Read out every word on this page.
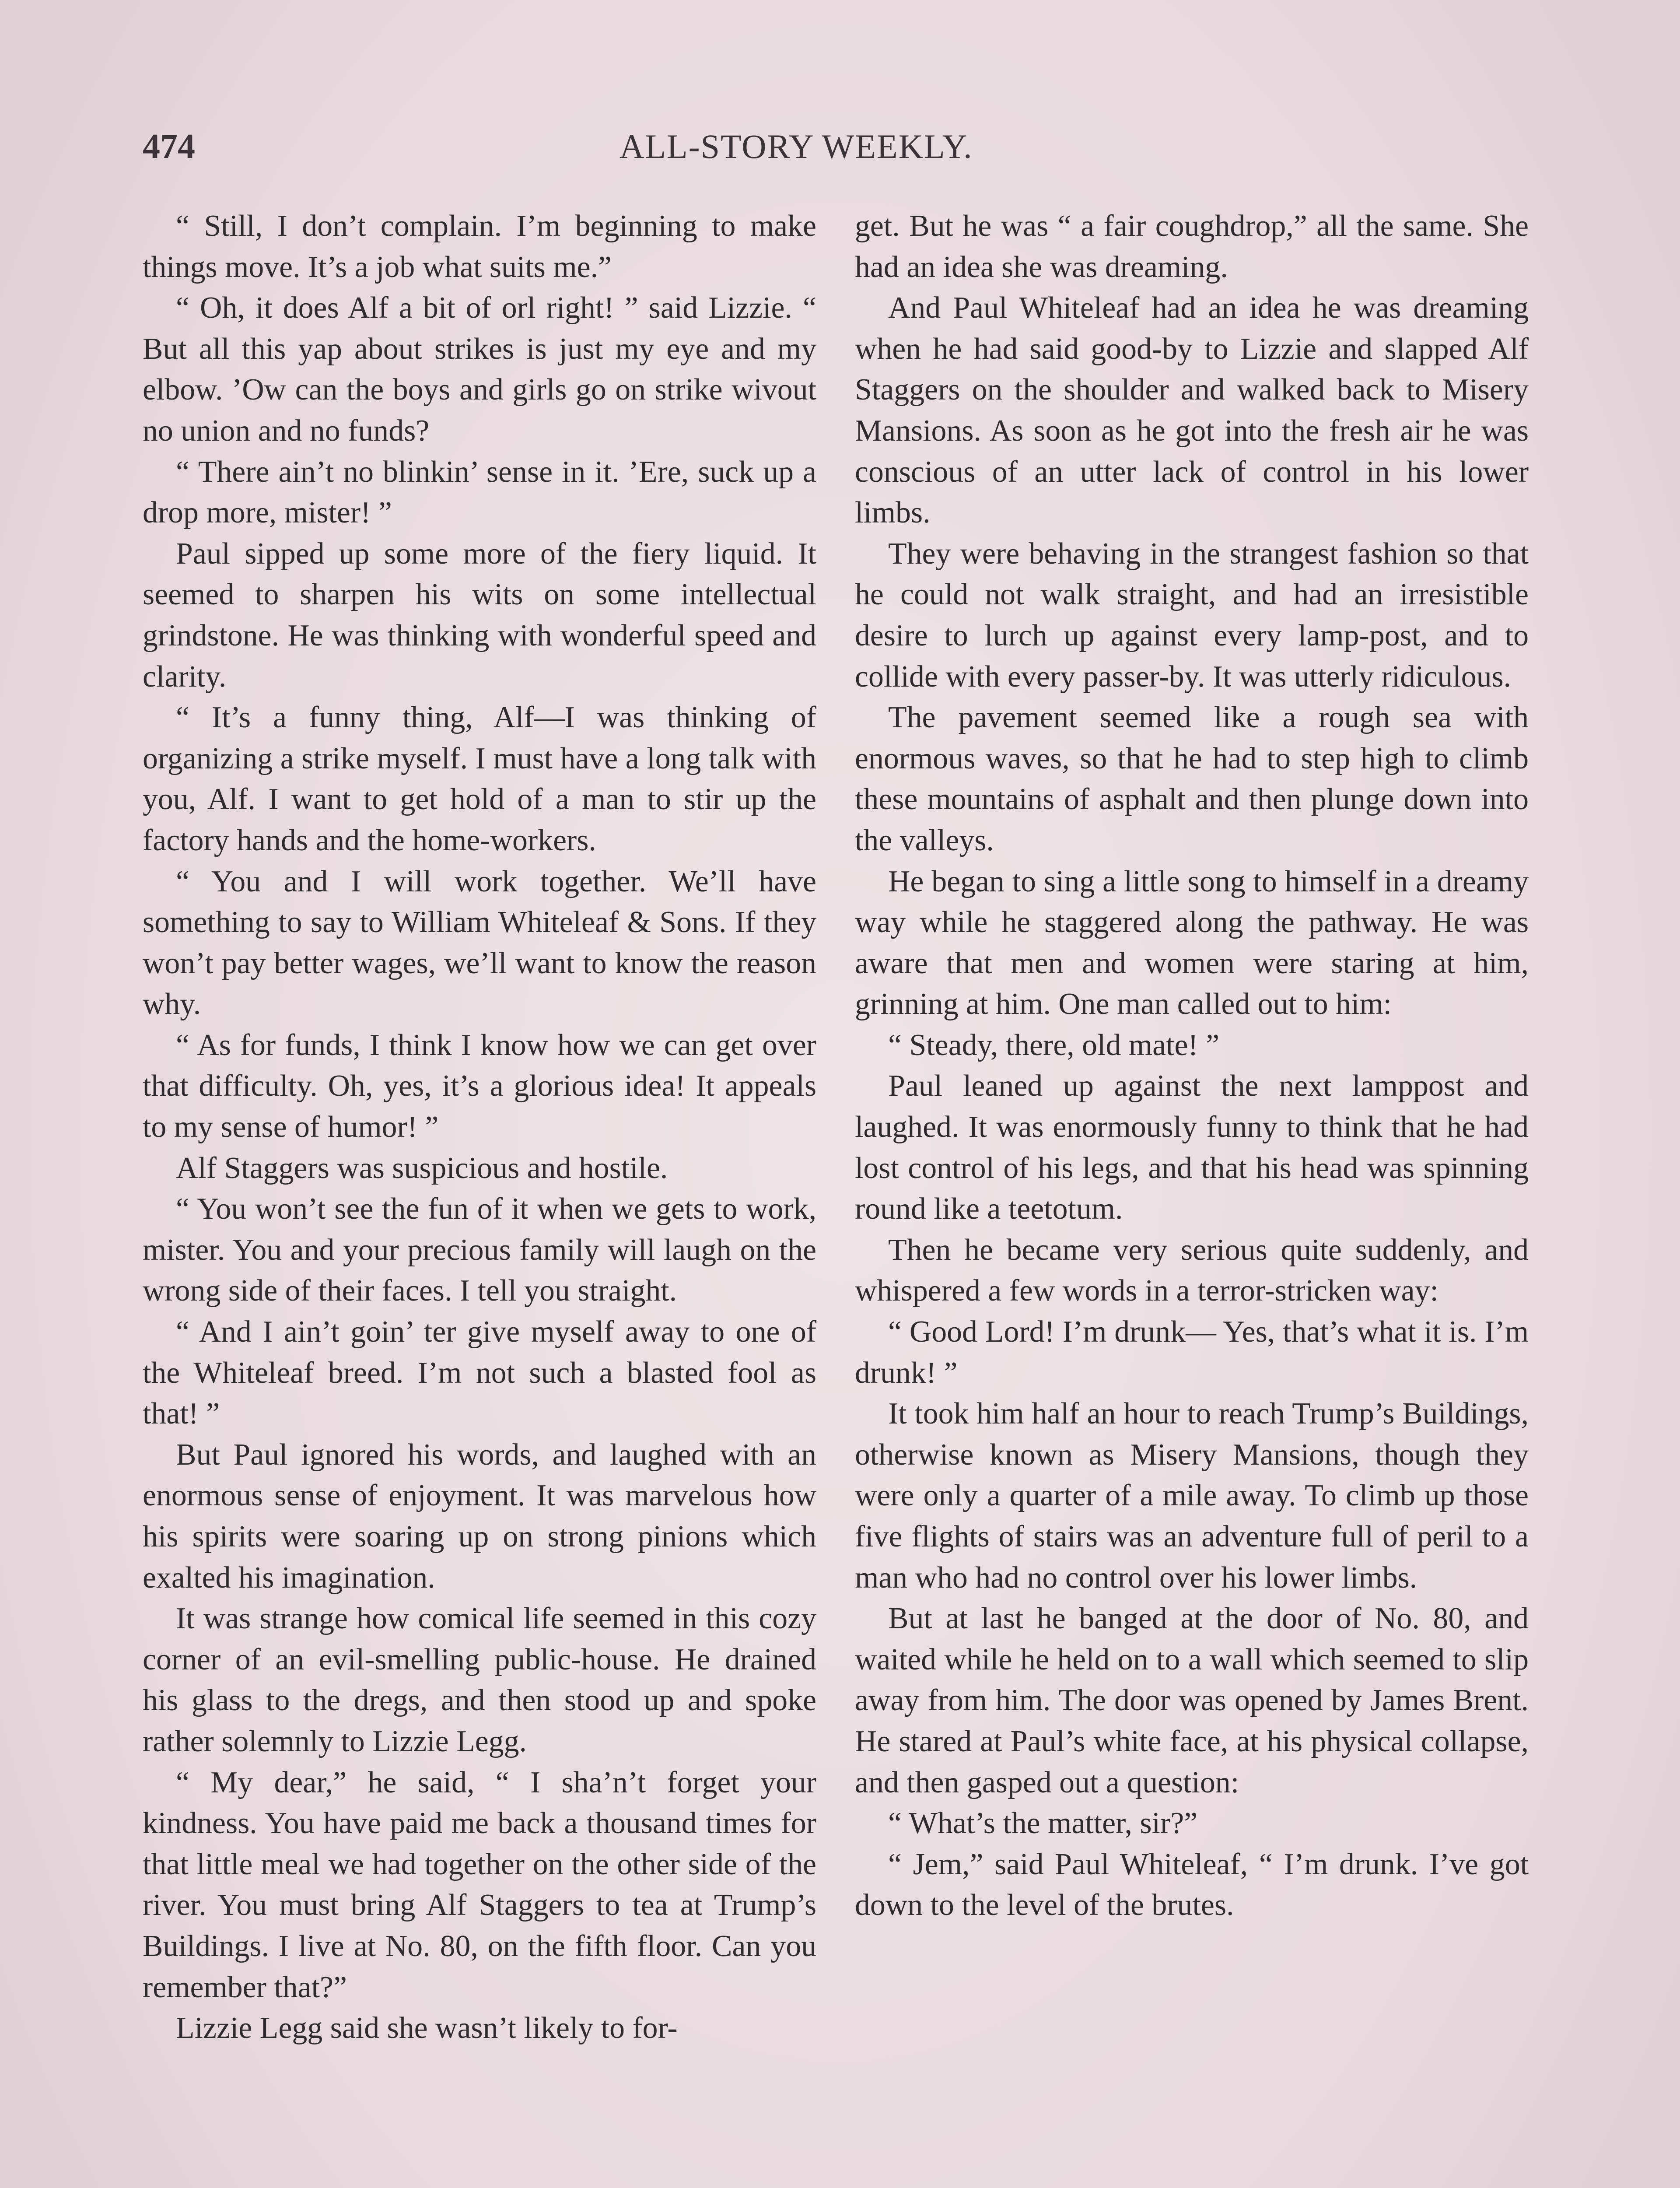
474	ALL-STORY WEEKLY.

“ Still, I don’t complain. I’m beginning to make things move. It’s a job what suits me.”

“ Oh, it does Alf a bit of orl right! ” said Lizzie. “ But all this yap about strikes is just my eye and my elbow. ’Ow can the boys and girls go on strike wivout no union and no funds?

“ There ain’t no blinkin’ sense in it. ’Ere, suck up a drop more, mister! ”

Paul sipped up some more of the fiery liquid. It seemed to sharpen his wits on some intellectual grindstone. He was thinking with wonderful speed and clarity.

“ It’s a funny thing, Alf—I was thinking of organizing a strike myself. I must have a long talk with you, Alf. I want to get hold of a man to stir up the factory hands and the home-workers.

“ You and I will work together. We’ll have something to say to William Whiteleaf & Sons. If they won’t pay better wages, we’ll want to know the reason why.

“ As for funds, I think I know how we can get over that difficulty. Oh, yes, it’s a glorious idea! It appeals to my sense of humor! ”

Alf Staggers was suspicious and hostile.

“ You won’t see the fun of it when we gets to work, mister. You and your precious family will laugh on the wrong side of their faces. I tell you straight.

“ And I ain’t goin’ ter give myself away to one of the Whiteleaf breed. I’m not such a blasted fool as that! ”

But Paul ignored his words, and laughed with an enormous sense of enjoyment. It was marvelous how his spirits were soaring up on strong pinions which exalted his imagination.

It was strange how comical life seemed in this cozy corner of an evil-smelling public-house. He drained his glass to the dregs, and then stood up and spoke rather solemnly to Lizzie Legg.

“ My dear,” he said, “ I sha’n’t forget your kindness. You have paid me back a thousand times for that little meal we had together on the other side of the river. You must bring Alf Staggers to tea at Trump’s Buildings. I live at No. 80, on the fifth floor. Can you remember that?”

Lizzie Legg said she wasn’t likely to for-

get. But he was “ a fair coughdrop,” all the same. She had an idea she was dreaming.

And Paul Whiteleaf had an idea he was dreaming when he had said good-by to Lizzie and slapped Alf Staggers on the shoulder and walked back to Misery Mansions. As soon as he got into the fresh air he was conscious of an utter lack of control in his lower limbs.

They were behaving in the strangest fashion so that he could not walk straight, and had an irresistible desire to lurch up against every lamp-post, and to collide with every passer-by. It was utterly ridiculous.

The pavement seemed like a rough sea with enormous waves, so that he had to step high to climb these mountains of asphalt and then plunge down into the valleys.

He began to sing a little song to himself in a dreamy way while he staggered along the pathway. He was aware that men and women were staring at him, grinning at him. One man called out to him:

“ Steady, there, old mate! ”

Paul leaned up against the next lamppost and laughed. It was enormously funny to think that he had lost control of his legs, and that his head was spinning round like a teetotum.

Then he became very serious quite suddenly, and whispered a few words in a terror-stricken way:

“ Good Lord! I’m drunk— Yes, that’s what it is. I’m drunk! ”

It took him half an hour to reach Trump’s Buildings, otherwise known as Misery Mansions, though they were only a quarter of a mile away. To climb up those five flights of stairs was an adventure full of peril to a man who had no control over his lower limbs.

But at last he banged at the door of No. 80, and waited while he held on to a wall which seemed to slip away from him. The door was opened by James Brent. He stared at Paul’s white face, at his physical collapse, and then gasped out a question:

“ What’s the matter, sir?”

“ Jem,” said Paul Whiteleaf, “ I’m drunk. I’ve got down to the level of the brutes.
